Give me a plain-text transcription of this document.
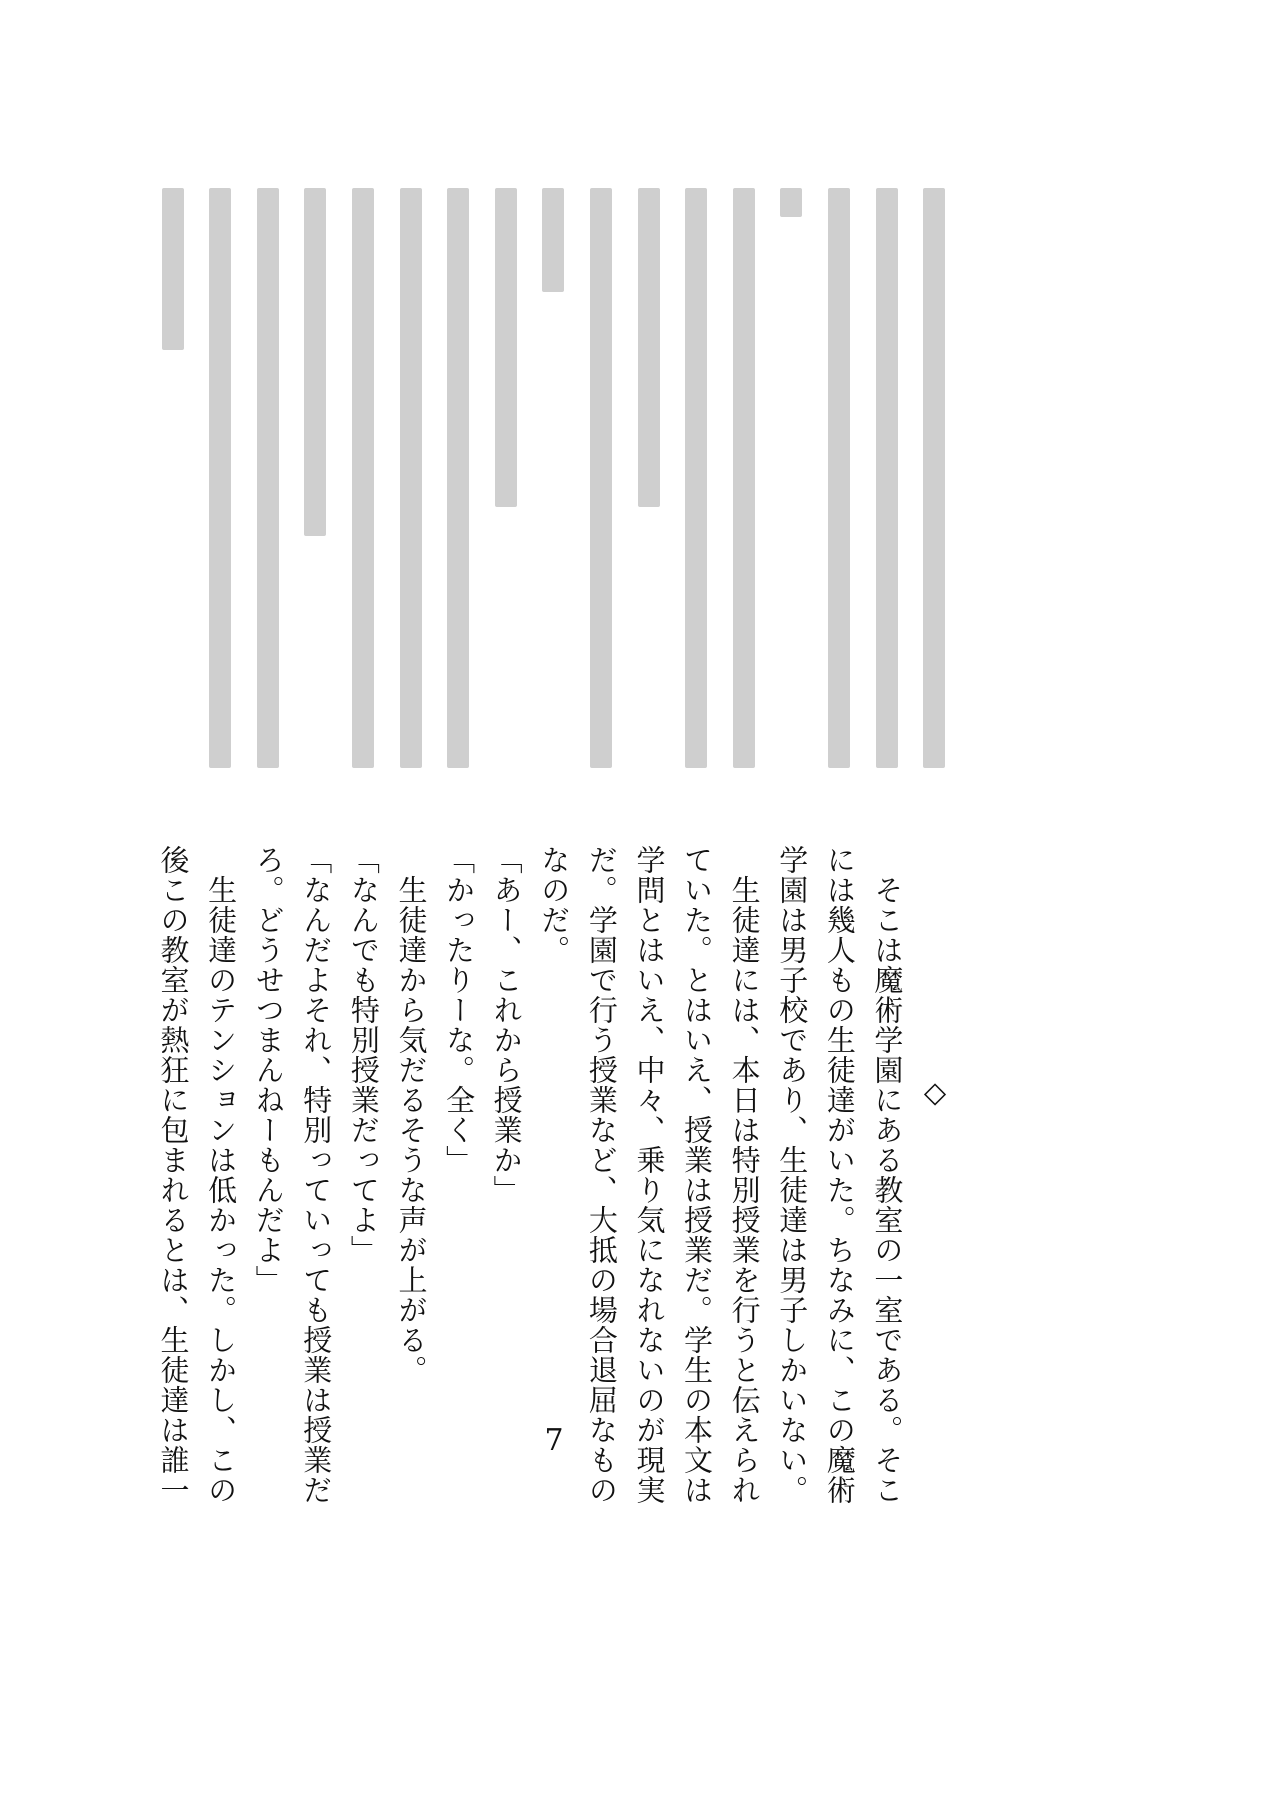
◇
　そこは魔術学園にある教室の一室である。そこ
には幾人もの生徒達がいた。ちなみに、この魔術
学園は男子校であり、生徒達は男子しかいない。
　生徒達には、本日は特別授業を行うと伝えられ
ていた。とはいえ、授業は授業だ。学生の本文は
学問とはいえ、中々、乗り気になれないのが現実
だ。学園で行う授業など、大抵の場合退屈なもの
なのだ。
「あー、これから授業か」
「かったりーな。全く」
　生徒達から気だるそうな声が上がる。
「なんでも特別授業だってよ」
「なんだよそれ、特別っていっても授業は授業だ
ろ。どうせつまんねーもんだよ」
　生徒達のテンションは低かった。しかし、この
後この教室が熱狂に包まれるとは、生徒達は誰一	7
